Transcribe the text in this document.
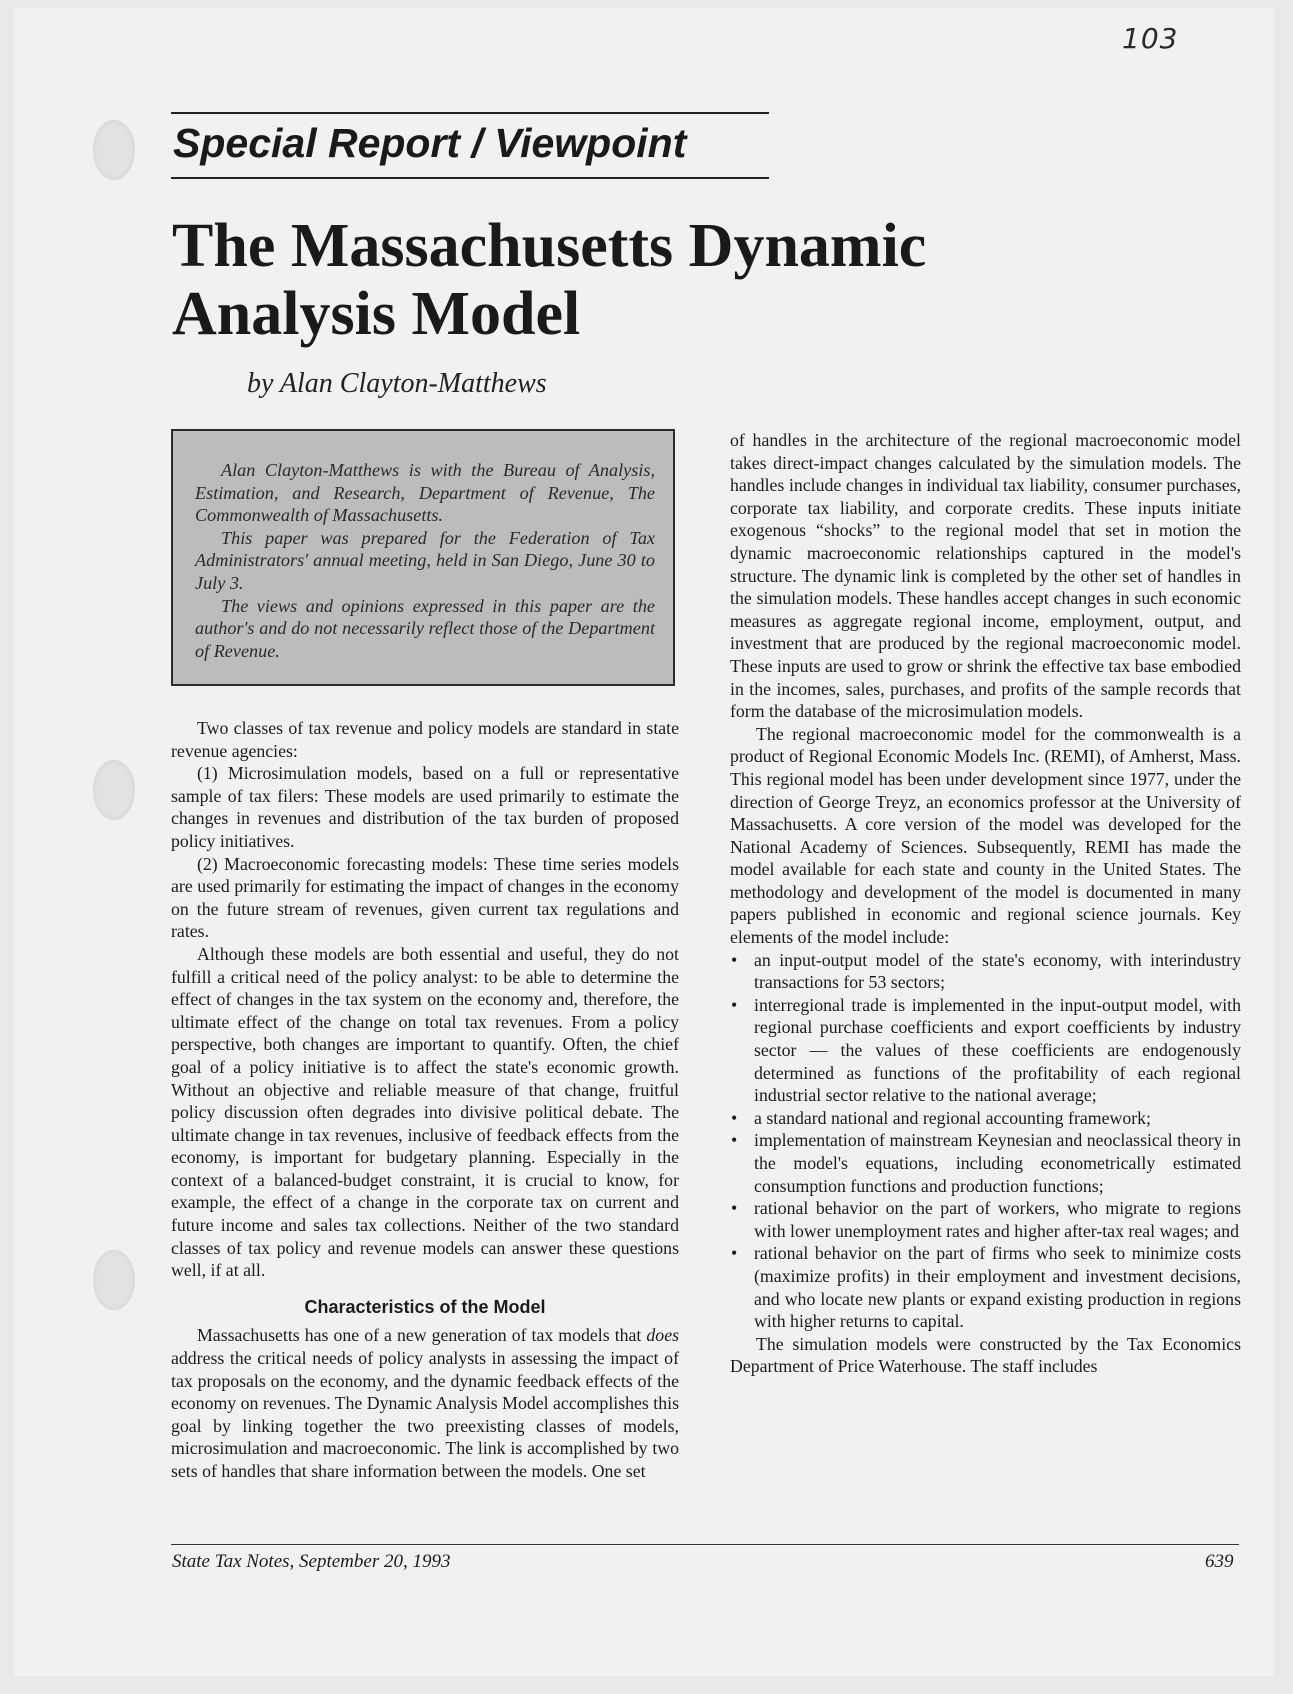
103
Special Report / Viewpoint
The Massachusetts Dynamic Analysis Model

by Alan Clayton-Matthews

Alan Clayton-Matthews is with the Bureau of Analysis, Estimation, and Research, Department of Revenue, The Commonwealth of Massachusetts.

This paper was prepared for the Federation of Tax Administrators' annual meeting, held in San Diego, June 30 to July 3.

The views and opinions expressed in this paper are the author's and do not necessarily reflect those of the Department of Revenue.

Two classes of tax revenue and policy models are standard in state revenue agencies:

(1) Microsimulation models, based on a full or representative sample of tax filers: These models are used primarily to estimate the changes in revenues and distribution of the tax burden of proposed policy initiatives.

(2) Macroeconomic forecasting models: These time series models are used primarily for estimating the impact of changes in the economy on the future stream of revenues, given current tax regulations and rates.

Although these models are both essential and useful, they do not fulfill a critical need of the policy analyst: to be able to determine the effect of changes in the tax system on the economy and, therefore, the ultimate effect of the change on total tax revenues. From a policy perspective, both changes are important to quantify. Often, the chief goal of a policy initiative is to affect the state's economic growth. Without an objective and reliable measure of that change, fruitful policy discussion often degrades into divisive political debate. The ultimate change in tax revenues, inclusive of feedback effects from the economy, is important for budgetary planning. Especially in the context of a balanced-budget constraint, it is crucial to know, for example, the effect of a change in the corporate tax on current and future income and sales tax collections. Neither of the two standard classes of tax policy and revenue models can answer these questions well, if at all.

Characteristics of the Model

Massachusetts has one of a new generation of tax models that does address the critical needs of policy analysts in assessing the impact of tax proposals on the economy, and the dynamic feedback effects of the economy on revenues. The Dynamic Analysis Model accomplishes this goal by linking together the two preexisting classes of models, microsimulation and macroeconomic. The link is accomplished by two sets of handles that share information between the models. One set

of handles in the architecture of the regional macroeconomic model takes direct-impact changes calculated by the simulation models. The handles include changes in individual tax liability, consumer purchases, corporate tax liability, and corporate credits. These inputs initiate exogenous “shocks” to the regional model that set in motion the dynamic macroeconomic relationships captured in the model's structure. The dynamic link is completed by the other set of handles in the simulation models. These handles accept changes in such economic measures as aggregate regional income, employment, output, and investment that are produced by the regional macroeconomic model. These inputs are used to grow or shrink the effective tax base embodied in the incomes, sales, purchases, and profits of the sample records that form the database of the microsimulation models.

The regional macroeconomic model for the commonwealth is a product of Regional Economic Models Inc. (REMI), of Amherst, Mass. This regional model has been under development since 1977, under the direction of George Treyz, an economics professor at the University of Massachusetts. A core version of the model was developed for the National Academy of Sciences. Subsequently, REMI has made the model available for each state and county in the United States. The methodology and development of the model is documented in many papers published in economic and regional science journals. Key elements of the model include:

• an input-output model of the state's economy, with interindustry transactions for 53 sectors;
• interregional trade is implemented in the input-output model, with regional purchase coefficients and export coefficients by industry sector — the values of these coefficients are endogenously determined as functions of the profitability of each regional industrial sector relative to the national average;
• a standard national and regional accounting framework;
• implementation of mainstream Keynesian and neoclassical theory in the model's equations, including econometrically estimated consumption functions and production functions;
• rational behavior on the part of workers, who migrate to regions with lower unemployment rates and higher after-tax real wages; and
• rational behavior on the part of firms who seek to minimize costs (maximize profits) in their employment and investment decisions, and who locate new plants or expand existing production in regions with higher returns to capital.

The simulation models were constructed by the Tax Economics Department of Price Waterhouse. The staff includes

State Tax Notes, September 20, 1993	639
